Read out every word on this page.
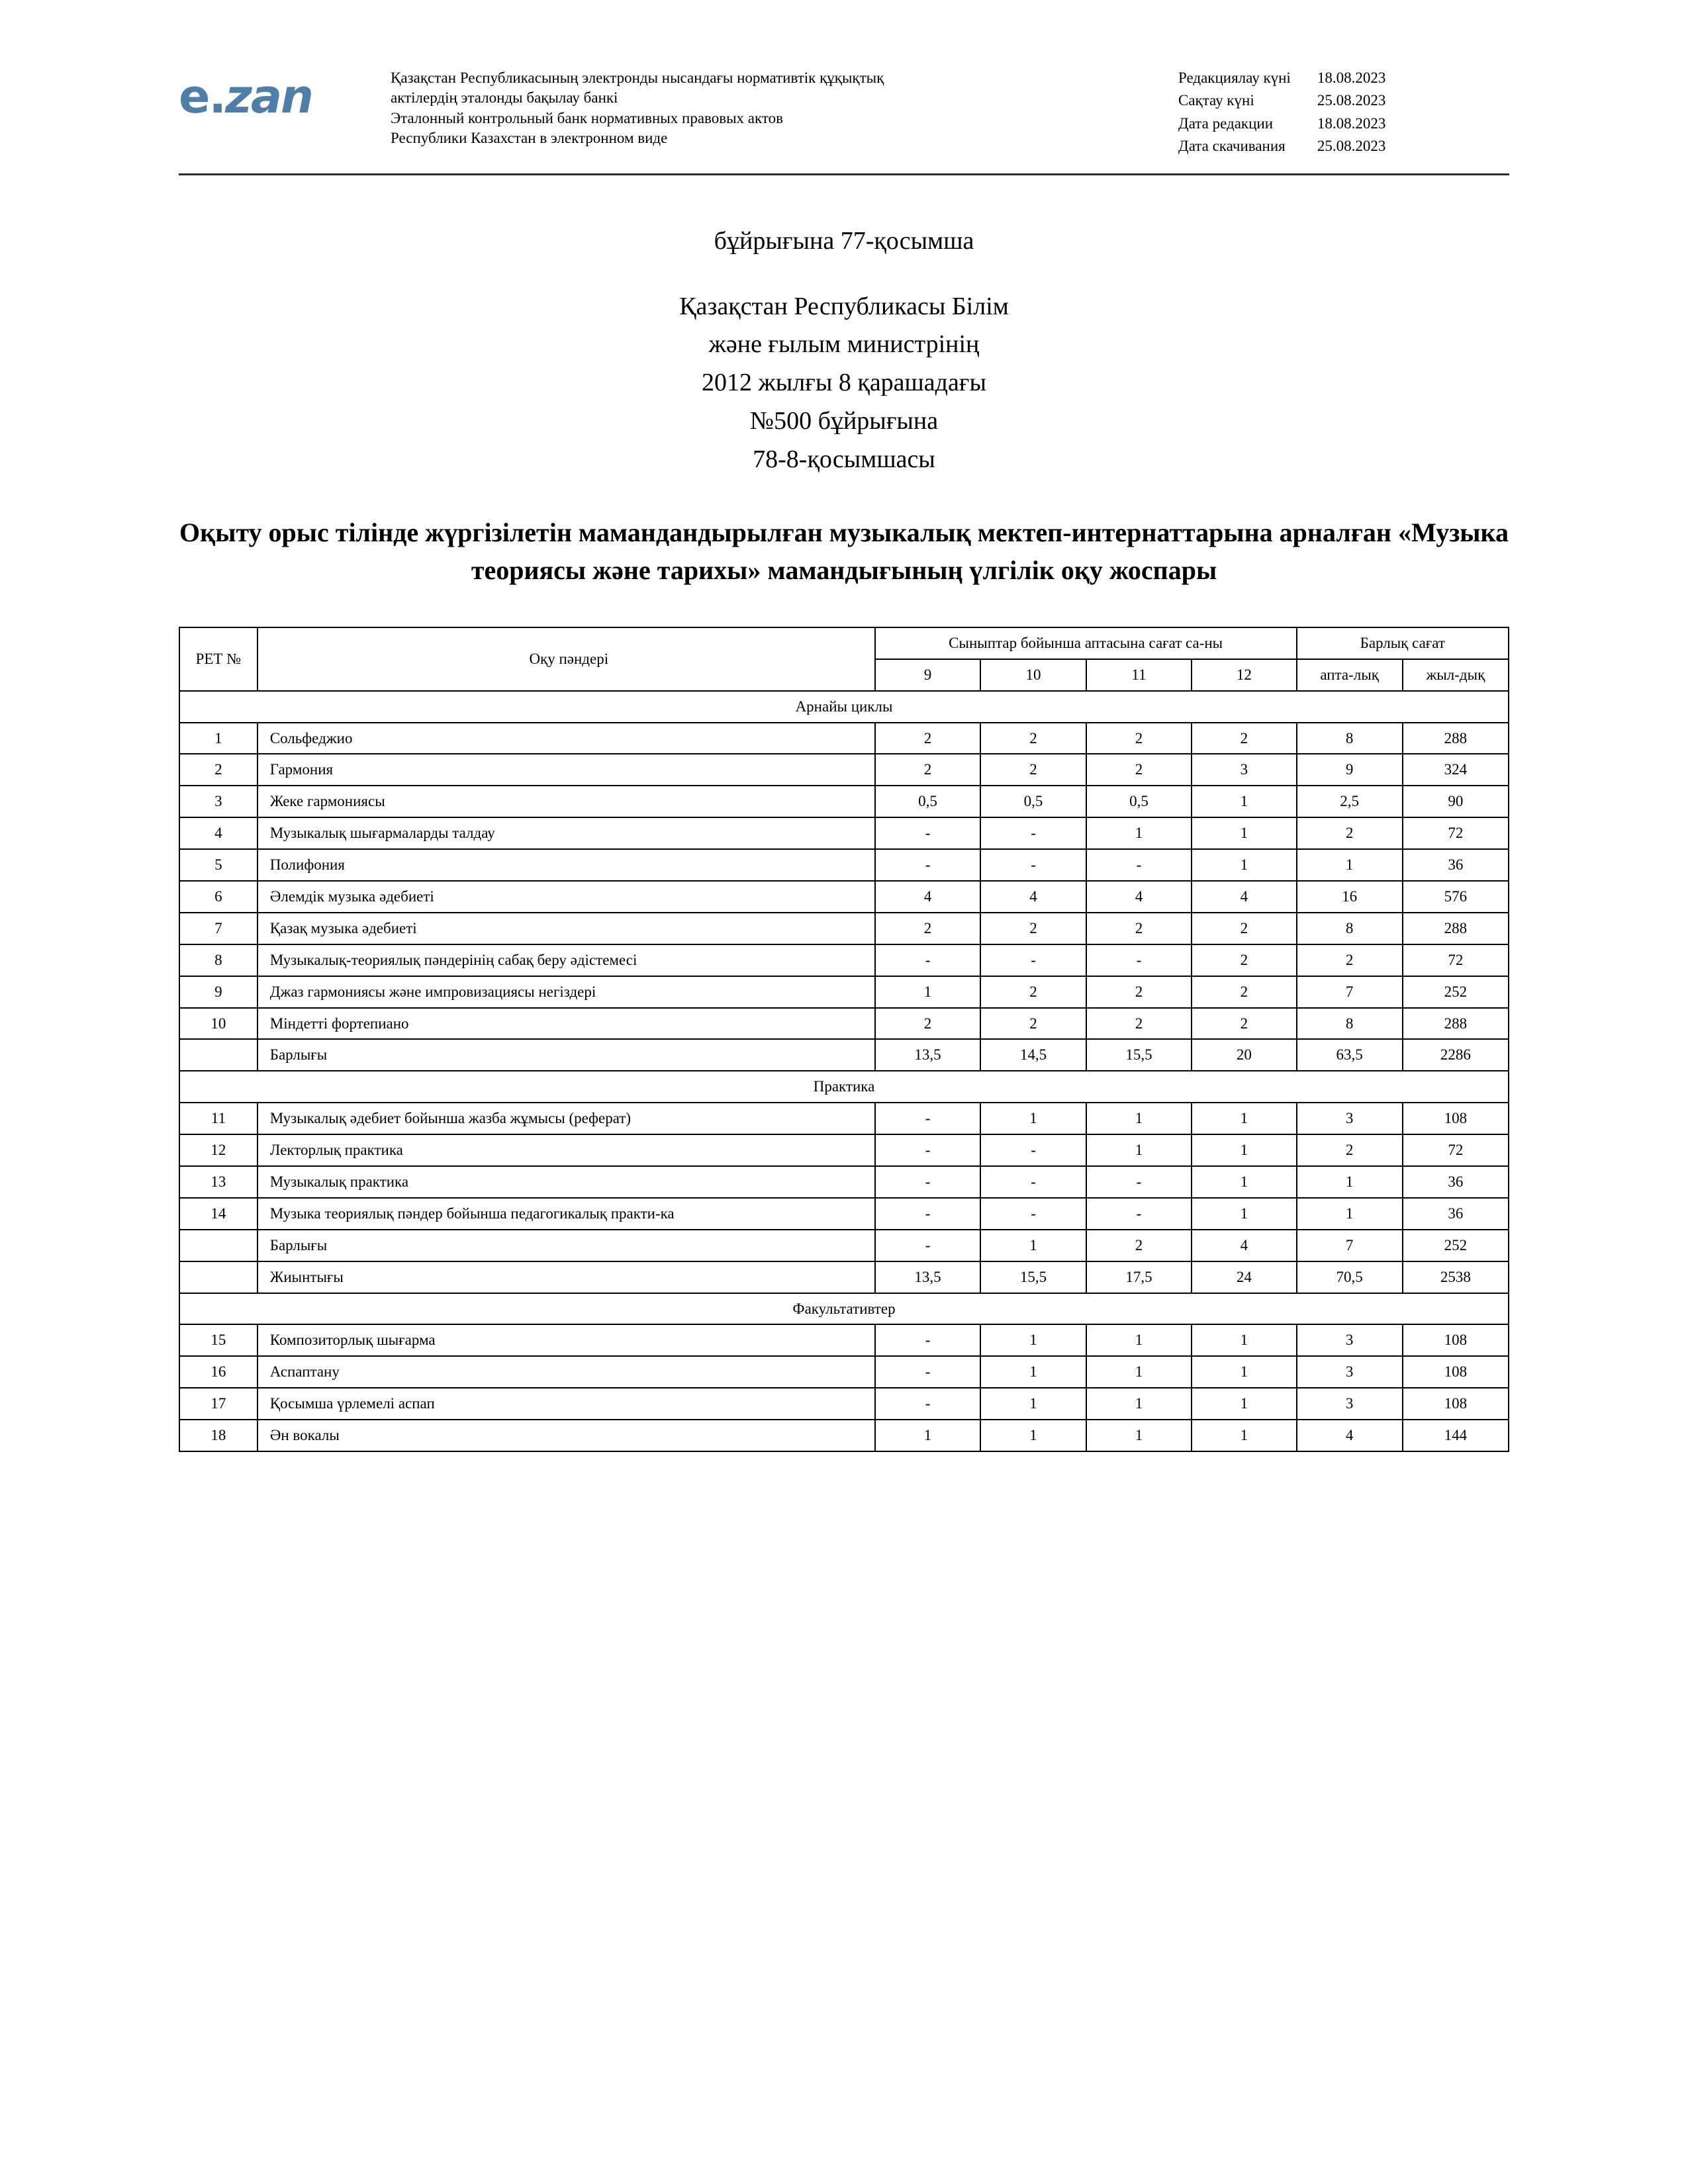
e.zan	Қазақстан Республикасының электронды нысандағы нормативтік құқықтық
актілердің эталонды бақылау банкі
Эталонный контрольный банк нормативных правовых актов
Республики Казахстан в электронном виде
Редакциялау күні	18.08.2023
Сақтау күні	25.08.2023
Дата редакции	18.08.2023
Дата скачивания	25.08.2023
бұйрығына 77-қосымша
Қазақстан Республикасы Білім
және ғылым министрінің
2012 жылғы 8 қарашадағы
№500 бұйрығына
78-8-қосымшасы
Оқыту орыс тілінде жүргізілетін мамандандырылған музыкалық мектеп-интернаттарына арналған «Музыка теориясы және тарихы» мамандығының үлгілік оқу жоспары
РЕТ №	Оқу пәндері	Сыныптар бойынша аптасына сағат са-ны				Барлық сағат	
		9	10	11	12	апта-лық	жыл-дық
Арнайы циклы							
1	Сольфеджио	2	2	2	2	8	288
2	Гармония	2	2	2	3	9	324
3	Жеке гармониясы	0,5	0,5	0,5	1	2,5	90
4	Музыкалық шығармаларды талдау	-	-	1	1	2	72
5	Полифония	-	-	-	1	1	36
6	Әлемдік музыка әдебиеті	4	4	4	4	16	576
7	Қазақ музыка әдебиеті	2	2	2	2	8	288
8	Музыкалық-теориялық пәндерінің сабақ беру әдістемесі	-	-	-	2	2	72
9	Джаз гармониясы және импровизациясы негіздері	1	2	2	2	7	252
10	Міндетті фортепиано	2	2	2	2	8	288
	Барлығы	13,5	14,5	15,5	20	63,5	2286
Практика							
11	Музыкалық әдебиет бойынша жазба жұмысы (реферат)	-	1	1	1	3	108
12	Лекторлық практика	-	-	1	1	2	72
13	Музыкалық практика	-	-	-	1	1	36
14	Музыка теориялық пәндер бойынша педагогикалық практи-ка	-	-	-	1	1	36
	Барлығы	-	1	2	4	7	252
	Жиынтығы	13,5	15,5	17,5	24	70,5	2538
Факультативтер							
15	Композиторлық шығарма	-	1	1	1	3	108
16	Аспаптану	-	1	1	1	3	108
17	Қосымша үрлемелі аспап	-	1	1	1	3	108
18	Ән вокалы	1	1	1	1	4	144
